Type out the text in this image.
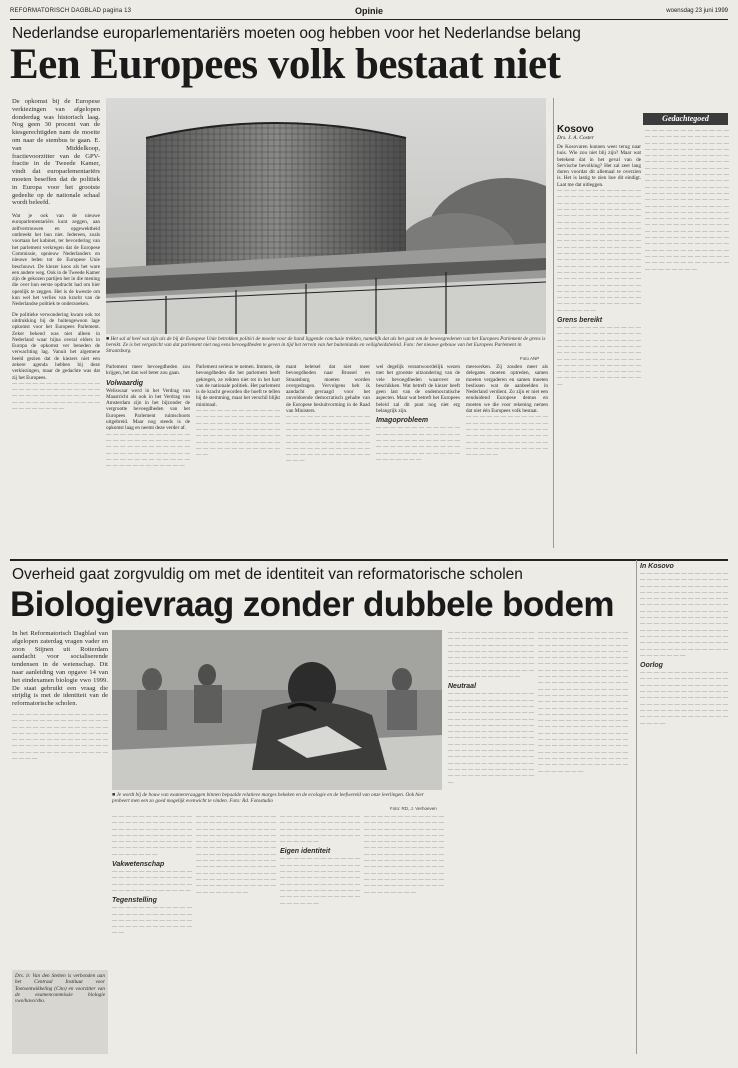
REFORMATORISCH DAGBLAD pagina 13	Opinie	woensdag 23 juni 1999
Nederlandse europarlementariërs moeten oog hebben voor het Nederlandse belang
Een Europees volk bestaat niet

De opkomst bij de Europese verkiezingen van afgelopen donderdag was historisch laag. Nog geen 30 procent van de kiesgerechtigden nam de moeite om naar de stembus te gaan. E. van Middelkoop, fractievoorzitter van de GPV-fractie in de Tweede Kamer, vindt dat europarlementariërs moeten beseffen dat de politiek in Europa voor het grootste gedeelte op de nationale schaal wordt beleefd.

Wat je ook van de nieuwe europarlementariërs kunt zeggen, aan zelfvertrouwen en opgewektheid ontbreekt het hun niet. Iedereen, zoals voortaan het kabinet, ter bevordering van het parlement verkregen dat de Europese Commissie, opnieuw Nederlanders en nieuwe leden tot de Europese Unie beschouwt. De kiezer koos als het ware een andere weg. Ook in de Tweede Kamer zijn de gekozen partijen het in die mening die over hun eerste opdracht had om hier openlijk te zeggen. Het is de kwestie om kun wel het verlies van kracht van de Nederlandse politiek te onderzoeken.

De politieke verwondering kwam ook tot uitdrukking bij de buitengewoon lage opkomst voor het Europees Parlement. Zeker bekend was niet alleen in Nederland waar bijna overal elders in Europa de opkomst ver beneden de verwachting lag. Vanuit het algemene beeld gezien dat de kiezers niet een zekere agenda hebben bij deze verkiezingen, maar de gedachte was dat zij het Europees.

— — — — — — — — — — — — — — — — — — — — — — — — — — — — — — — — — — — — — — — — — — — — — — — — — — — — — — — — — — — —

■ Het sal al heel wat zijn als de bij de Europese Unie betrokken politici de moeite voor de hand liggende conclusie trekken, namelijk dat als het gaat om de beweegredenen van het Europees Parlement de grens is bereikt. Ze is het vergezicht van dat parlement niet nog eens bevoegdheden te geven in tijd het terrein van het buitenlands en veiligheidsbeleid. Foto: het nieuwe gebouw van het Europees Parlement in Straatsburg.
Foto ANP

Parlement meer bevoegdheden zou krijgen, het dan wel beter zou gaan.

Volwaardig

Weliswaar werd in het Verdrag van Maastricht als ook in het Verdrag van Amsterdam zijn in het bijzonder de vergrootte bevoegdheden van het Europees Parlement ruimschoots uitgebreid. Maar nog steeds is de opkomst laag en neemt deze verder af.

— — — — — — — — — — — — — — — — — — — — — — — — — — — — — — — — — — — — — — — — — — — — — — — — — — — — — — — — — — — — — — — — — — — — — — — —

Parlement serieus te nemen. Immers, de bevoegdheden die het parlement heeft gekregen, ze reikten niet tot in het hart van de nationale politiek. Het parlement is de kracht geworden die hoeft te tellen bij de stemming, maar het verschil blijkt minimaal.

— — — — — — — — — — — — — — — — — — — — — — — — — — — — — — — — — — — — — — — — — — — — — — — — — — — — — — — — — — — — — — — — — — — — — — — — — — — — — — — — — — — — — —

mant beletsel dat niet meer bevoegdheden naar Brussel en Straatsburg moeten worden overgedragen. Vervolgens heb ik aandacht gevraagd voor het onvoldoende democratisch gehalte van de Europese besluitvorming in de Raad van Ministers.

— — — — — — — — — — — — — — — — — — — — — — — — — — — — — — — — — — — — — — — — — — — — — — — — — — — — — — — — — — — — — — — — — — — — — — — — — — — — — — — — — — — — — — —

wel degelijk verantwoordelijk wezen met het grootste uitzondering van de vele bevoegdheden waarover ze beschikken. Wat betreft de kiezer heeft geen last van de ondemocratische aspecten. Maar wat betreft het Europees beleid zal dit punt nog niet erg belangrijk zijn.

Imagoprobleem

— — — — — — — — — — — — — — — — — — — — — — — — — — — — — — — — — — — — — — — — — — — — — — — — — — — — — — — — — — — — — — — — — — —

meewerken. Zij zouden meer als delegates moeten optreden, samen moeten vergaderen en samen moeten beslissen wat de aanbeelden in Nederland verdient. Zo zijn er niet een eenduidend Europese demos en moeten we die voor rekening nemen dat niet één Europees volk bestaat.

— — — — — — — — — — — — — — — — — — — — — — — — — — — — — — — — — — — — — — — — — — — — — — — — — — — — — — — — — — — — — — — — — — — — — — — — — — — — —

Gedachtegoed
Kosovo
Drs. J. A. Coster

De Kosovaren kunnen weer terug naar huis. Wie zou niet blij zijn? Maar wat betekent dat in het geval van de Servische bevolking? Het zal zeer lang duren voordat dit allemaal te overzien is. Het is lastig te zien hoe dit eindigt. Laat me dat uitleggen.

— — — — — — — — — — — — — — — — — — — — — — — — — — — — — — — — — — — — — — — — — — — — — — — — — — — — — — — — — — — — — — — — — — — — — — — — — — — — — — — — — — — — — — — — — — — — — — — — — — — — — — — — — — — — — — — — — — — — — — — — — — — — — — — — — — — — — — — — — — — — — — — — — — — — — — — — — — — — — — — — — — — — — — — — — — — — — — — — — — — — — — — — — — — — — — — — — — — — — — — — — — — — — — — — — — — — — — — — — — — — — — — — — — — — — — — — — —

Grens bereikt

— — — — — — — — — — — — — — — — — — — — — — — — — — — — — — — — — — — — — — — — — — — — — — — — — — — — — — — — — — — — — — — — — — — — — — — — — — — — — — — — — — — — — — — — — — — — — — — — — — — — — — — — — — — — —

— — — — — — — — — — — — — — — — — — — — — — — — — — — — — — — — — — — — — — — — — — — — — — — — — — — — — — — — — — — — — — — — — — — — — — — — — — — — — — — — — — — — — — — — — — — — — — — — — — — — — — — — — — — — — — — — — — — — — — — — — — — — — — — — — — — — — — — — — — — — — — — — — — — — — — — — — — — — — — — — — — — — — — — — — — — — — — — — — — — — — — — — — — — — — — — — — — — — — — — — — — — — — — — — — — — — — — — — — — — — — — — — — — — — — — — — — — — — — — — — — — — — — — — — — — — — — — — — — — — — — — — — — — — — — — — —

Overheid gaat zorgvuldig om met de identiteit van reformatorische scholen
Biologievraag zonder dubbele bodem

In het Reformatorisch Dagblad van afgelopen zaterdag vragen vader en zoon Stijnen uit Rotterdam aandacht voor socialiserende tendensen in de wetenschap. Dit naar aanleiding van opgave 14 van het eindexamen biologie vwo 1999. De staat gebruikt een vraag die strijdig is met de identiteit van de reformatorische scholen.

— — — — — — — — — — — — — — — — — — — — — — — — — — — — — — — — — — — — — — — — — — — — — — — — — — — — — — — — — — — — — — — — — — — — — — — — — — — — — — — — — — — — — — — — — — — — — — — — — — — — — —

Drs. ir. Van den Stelten is verbonden aan het Centraal Instituut voor Toetsontwikkeling (Cito) en voorzitter van de examencommissie biologie vwo/havo/vbo.
■ Je wordt bij de bouw van examenvraaggen binnen bepaalde relatieve marges bekeken en de ecologie en de leefwereld van onze leerlingen. Ook hier probeert men een zo goed mogelijk evenwicht te vinden. Foto: Rd. Fotostudio
Foto: RD, J. Verhoeven

— — — — — — — — — — — — — — — — — — — — — — — — — — — — — — — — — — — — — — — — — — — — — — — — — — — — — — — — — — — — — — — — — — — — — — — — — — — — — — —

Vakwetenschap

— — — — — — — — — — — — — — — — — — — — — — — — — — — — — — — — — — — — — — — — — — — — — — — —

Tegenstelling

— — — — — — — — — — — — — — — — — — — — — — — — — — — — — — — — — — — — — — — — — — — — — — — — — —

— — — — — — — — — — — — — — — — — — — — — — — — — — — — — — — — — — — — — — — — — — — — — — — — — — — — — — — — — — — — — — — — — — — — — — — — — — — — — — — — — — — — — — — — — — — — — — — — — — — — — — — — — — — — — — — — — — — — — — — — — — — — — — — — — — — — — — — — — — — — — — — — — — — — — — — —

— — — — — — — — — — — — — — — — — — — — — — — — — — — — — — — — — — — — — — — — — — — — — — — — — — — — — —

Eigen identiteit

— — — — — — — — — — — — — — — — — — — — — — — — — — — — — — — — — — — — — — — — — — — — — — — — — — — — — — — — — — — — — — — — — — — — — — — — — — — — — — — — — — — — — — — — — —

— — — — — — — — — — — — — — — — — — — — — — — — — — — — — — — — — — — — — — — — — — — — — — — — — — — — — — — — — — — — — — — — — — — — — — — — — — — — — — — — — — — — — — — — — — — — — — — — — — — — — — — — — — — — — — — — — — — — — — — — — — — — — — — — — — — — — — — — — — — — — — — — — — — — — — — —

— — — — — — — — — — — — — — — — — — — — — — — — — — — — — — — — — — — — — — — — — — — — — — — — — — — — — — — — — — — — — — — — — — — — — — — — — — — — — — — — — — — — — — — — — — — — — — — — — — — — — —

Neutraal

— — — — — — — — — — — — — — — — — — — — — — — — — — — — — — — — — — — — — — — — — — — — — — — — — — — — — — — — — — — — — — — — — — — — — — — — — — — — — — — — — — — — — — — — — — — — — — — — — — — — — — — — — — — — — — — — — — — — — — — — — — — — — — — — — — — — — — — — — — — — — — — — — — — — — — — — — — — — — — — — — — — — — — — — — — — — — — — — — — — — — — —

— — — — — — — — — — — — — — — — — — — — — — — — — — — — — — — — — — — — — — — — — — — — — — — — — — — — — — — — — — — — — — — — — — — — — — — — — — — — — — — — — — — — — — — — — — — — — — — — — — — — — — — — — — — — — — — — — — — — — — — — — — — — — — — — — — — — — — — — — — — — — — — — — — — — — — — — — — — — — — — — — — — — — — — — — — — — — — — — — — — — — — — — — — — — — — — — — — — — — — — — — — — — — — — — — — — — — — — — — — — — — — — — — — — — — — — — — — — — — — — — — — — — — — — — — — — — — — — — — — — — — — — — — — — — — — — — — — — — — — — — — — — — — — — — — — — — —

In Kosovo

— — — — — — — — — — — — — — — — — — — — — — — — — — — — — — — — — — — — — — — — — — — — — — — — — — — — — — — — — — — — — — — — — — — — — — — — — — — — — — — — — — — — — — — — — — — — — — — — — — — — — — — — — — — — — — — — — — — — — — — — — — — — — — — — — — — — — — — — — — — — — — — — — — — — — — — — — — — — — — — — — — — — — — — — — — — — — — — —

Oorlog

— — — — — — — — — — — — — — — — — — — — — — — — — — — — — — — — — — — — — — — — — — — — — — — — — — — — — — — — — — — — — — — — — — — — — — — — — — — — — — — — — — — — — — — — — — — — — — — — — — — — — — — — — — — —
